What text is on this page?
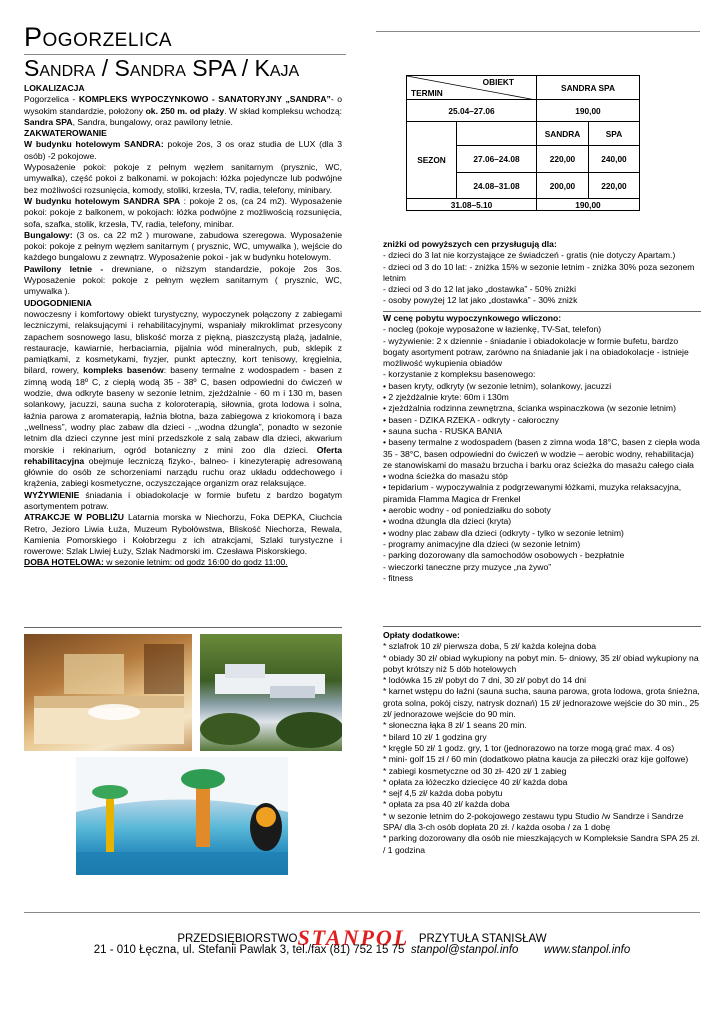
Pogorzelica
Sandra / Sandra SPA / Kaja

LOKALIZACJA

Pogorzelica - KOMPLEKS WYPOCZYNKOWO - SANATORYJNY „SANDRA”- o wysokim standardzie, położony ok. 250 m. od plaży. W skład kompleksu wchodzą: Sandra SPA, Sandra, bungalowy, oraz pawilony letnie.

ZAKWATEROWANIE

W budynku hotelowym SANDRA: pokoje 2os, 3 os oraz studia de LUX (dla 3 osób) -2 pokojowe.

Wyposażenie pokoi: pokoje z pełnym węzłem sanitarnym (prysznic, WC, umywalka), część pokoi z balkonami. w pokojach: łóżka pojedyncze lub podwójne bez możliwości rozsunięcia, komody, stoliki, krzesła, TV, radia, telefony, minibary.

W budynku hotelowym SANDRA SPA : pokoje 2 os, (ca 24 m2). Wyposażenie pokoi: pokoje z balkonem, w pokojach: łóżka podwójne z możliwością rozsunięcia, sofa, szafka, stolik, krzesła, TV, radia, telefony, minibar.

Bungalowy: (3 os. ca 22 m2 ) murowane, zabudowa szeregowa. Wyposażenie pokoi: pokoje z pełnym węzłem sanitarnym ( prysznic, WC, umywalka ), wejście do każdego bungalowu z zewnątrz. Wyposażenie pokoi - jak w budynku hotelowym.

Pawilony letnie - drewniane, o niższym standardzie, pokoje 2os 3os. Wyposażenie pokoi: pokoje z pełnym węzłem sanitarnym ( prysznic, WC, umywalka ).

UDOGODNIENIA

nowoczesny i komfortowy obiekt turystyczny, wypoczynek połączony z zabiegami leczniczymi, relaksującymi i rehabilitacyjnymi, wspaniały mikroklimat przesycony zapachem sosnowego lasu, bliskość morza z piękną, piaszczystą plażą, jadalnie, restauracje, kawiarnie, herbaciarnia, pijalnia wód mineralnych, pub, sklepik z pamiątkami, z kosmetykami, fryzjer, punkt apteczny, kort tenisowy, kręgielnia, bilard, rowery, kompleks basenów: baseny termalne z wodospadem - basen z zimną wodą 18º C, z ciepłą wodą 35 - 38º C, basen odpowiedni do ćwiczeń w wodzie, dwa odkryte baseny w sezonie letnim, zjeżdżalnie - 60 m i 130 m, basen solankowy, jacuzzi, sauna sucha z koloroterapią, siłownia, grota lodowa i solna, łaźnia parowa z aromaterapią, łaźnia błotna, baza zabiegowa z kriokomorą i baza ,,wellness”, wodny plac zabaw dla dzieci - ,,wodna dżungla”, ponadto w sezonie letnim dla dzieci czynne jest mini przedszkole z salą zabaw dla dzieci, akwarium morskie i rekinarium, ogród botaniczny z mini zoo dla dzieci. Oferta rehabilitacyjna obejmuje leczniczą fizyko-, balneo- i kinezyterapię adresowaną głównie do osób ze schorzeniami narządu ruchu oraz układu oddechowego i krążenia, zabiegi kosmetyczne, oczyszczające organizm oraz relaksujące.

WYŻYWIENIE śniadania i obiadokolacje w formie bufetu z bardzo bogatym asortymentem potraw.

ATRAKCJE W POBLIŻU Latarnia morska w Niechorzu, Foka DEPKA, Ciuchcia Retro, Jezioro Liwia Łuża, Muzeum Rybołówstwa, Bliskość Niechorza, Rewala, Kamienia Pomorskiego i Kołobrzegu z ich atrakcjami, Szlaki turystyczne i rowerowe: Szlak Liwiej Łuży, Szlak Nadmorski im. Czesława Piskorskiego.

DOBA HOTELOWA: w sezonie letnim: od godz 16:00 do godz 11:00.

OBIEKT
TERMIN		SANDRA SPA	
25.04–27.06		190,00	
SEZON		SANDRA	SPA
	27.06–24.08	220,00	240,00
	24.08–31.08	200,00	220,00
31.08–5.10		190,00	
zniżki od powyższych cen przysługują dla:
- dzieci do 3 lat nie korzystające ze świadczeń - gratis (nie dotyczy Apartam.)
- dzieci od 3 do 10 lat: - zniżka 15% w sezonie letnim - zniżka 30% poza sezonem letnim
- dzieci od 3 do 12 lat jako „dostawka” - 50% zniżki
- osoby powyżej 12 lat jako „dostawka” - 30% zniżk
W cenę pobytu wypoczynkowego wliczono:
- nocleg (pokoje wyposażone w łazienkę, TV-Sat, telefon)
- wyżywienie: 2 x dziennie - śniadanie i obiadokolacje w formie bufetu, bardzo bogaty asortyment potraw, zarówno na śniadanie jak i na obiadokolacje - istnieje możliwość wykupienia obiadów
- korzystanie z kompleksu basenowego:
• basen kryty, odkryty (w sezonie letnim), solankowy, jacuzzi
• 2 zjeżdżalnie kryte: 60m i 130m
• zjeżdżalnia rodzinna zewnętrzna, ścianka wspinaczkowa (w sezonie letnim)
• basen - DZIKA RZEKA - odkryty - całoroczny
• sauna sucha - RUSKA BANIA
• baseny termalne z wodospadem (basen z zimna woda 18°C, basen z ciepła woda 35 - 38°C, basen odpowiedni do ćwiczeń w wodzie – aerobic wodny, rehabilitacja) ze stanowiskami do masażu brzucha i barku oraz ścieżka do masażu całego ciała
• wodna ścieżka do masażu stóp
• tepidarium - wypoczywalnia z podgrzewanymi łóżkami, muzyka relaksacyjna, piramida Flamma Magica dr Frenkel
• aerobic wodny - od poniedziałku do soboty
• wodna dżungla dla dzieci (kryta)
• wodny plac zabaw dla dzieci (odkryty - tylko w sezonie letnim)
- programy animacyjne dla dzieci (w sezonie letnim)
- parking dozorowany dla samochodów osobowych - bezpłatnie
- wieczorki taneczne przy muzyce „na żywo”
- fitness
Opłaty dodatkowe:
* szlafrok 10 zł/ pierwsza doba, 5 zł/ każda kolejna doba
* obiady 30 zł/ obiad wykupiony na pobyt min. 5- dniowy, 35 zł/ obiad wykupiony na pobyt krótszy niż 5 dób hotelowych
* lodówka 15 zł/ pobyt do 7 dni, 30 zł/ pobyt do 14 dni
* karnet wstępu do łaźni (sauna sucha, sauna parowa, grota lodowa, grota śnieżna, grota solna, pokój ciszy, natrysk doznań) 15 zł/ jednorazowe wejście do 30 min., 25 zł/ jednorazowe wejście do 90 min.
* słoneczna łąka 8 zł/ 1 seans 20 min.
* bilard 10 zł/ 1 godzina gry
* kręgle 50 zł/ 1 godz. gry, 1 tor (jednorazowo na torze mogą grać max. 4 os)
* mini- golf 15 zł / 60 min (dodatkowo płatna kaucja za piłeczki oraz kije golfowe)
* zabiegi kosmetyczne od 30 zł- 420 zł/ 1 zabieg
* opłata za łóżeczko dziecięce 40 zł/ każda doba
* sejf 4,5 zł/ każda doba pobytu
* opłata za psa 40 zł/ każda doba
* w sezonie letnim do 2-pokojowego zestawu typu Studio /w Sandrze i Sandrze SPA/ dla 3-ch osób dopłata 20 zł. / każda osoba / za 1 dobę
* parking dozorowany dla osób nie mieszkających w Kompleksie Sandra SPA 25 zł. / 1 godzina
PRZEDSIĘBIORSTWOSTANPOL PRZYTUŁA STANISŁAW
21 - 010 Łęczna, ul. Stefanii Pawlak 3, tel./fax (81) 752 15 75 stanpol@stanpol.info www.stanpol.info
